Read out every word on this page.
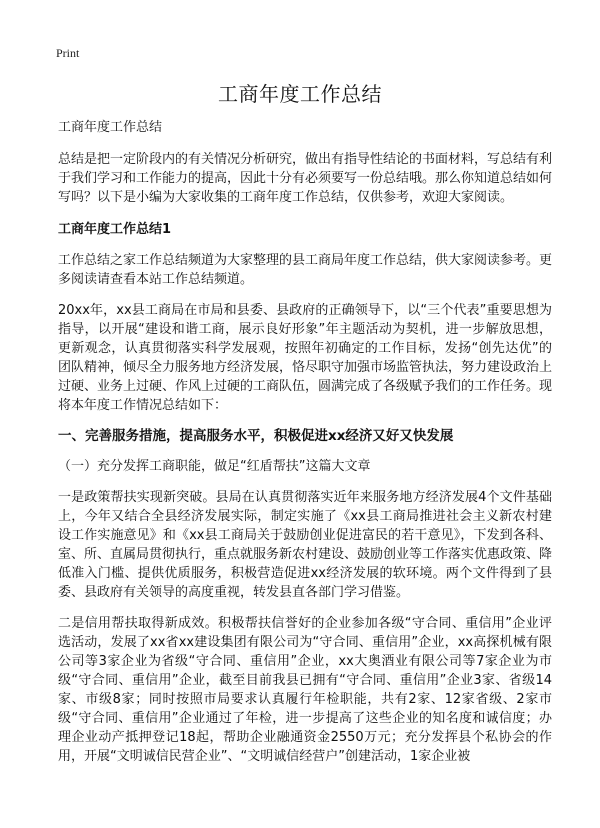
Print
工商年度工作总结

工商年度工作总结

总结是把一定阶段内的有关情况分析研究，做出有指导性结论的书面材料，写总结有利于我们学习和工作能力的提高，因此十分有必须要写一份总结哦。那么你知道总结如何写吗？以下是小编为大家收集的工商年度工作总结，仅供参考，欢迎大家阅读。

工商年度工作总结1

工作总结之家工作总结频道为大家整理的县工商局年度工作总结，供大家阅读参考。更多阅读请查看本站工作总结频道。

20xx年，xx县工商局在市局和县委、县政府的正确领导下，以“三个代表”重要思想为指导，以开展“建设和谐工商，展示良好形象”年主题活动为契机，进一步解放思想，更新观念，认真贯彻落实科学发展观，按照年初确定的工作目标，发扬“创先达优”的团队精神，倾尽全力服务地方经济发展，恪尽职守加强市场监管执法，努力建设政治上过硬、业务上过硬、作风上过硬的工商队伍，圆满完成了各级赋予我们的工作任务。现将本年度工作情况总结如下：

一、完善服务措施，提高服务水平，积极促进xx经济又好又快发展

（一）充分发挥工商职能，做足“红盾帮扶”这篇大文章

一是政策帮扶实现新突破。县局在认真贯彻落实近年来服务地方经济发展4个文件基础上，今年又结合全县经济发展实际，制定实施了《xx县工商局推进社会主义新农村建设工作实施意见》和《xx县工商局关于鼓励创业促进富民的若干意见》，下发到各科、室、所、直属局贯彻执行，重点就服务新农村建设、鼓励创业等工作落实优惠政策、降低准入门槛、提供优质服务，积极营造促进xx经济发展的软环境。两个文件得到了县委、县政府有关领导的高度重视，转发县直各部门学习借鉴。

二是信用帮扶取得新成效。积极帮扶信誉好的企业参加各级“守合同、重信用”企业评选活动，发展了xx省xx建设集团有限公司为“守合同、重信用”企业，xx高探机械有限公司等3家企业为省级“守合同、重信用”企业，xx大奥酒业有限公司等7家企业为市级“守合同、重信用”企业，截至目前我县已拥有“守合同、重信用”企业3家、省级14家、市级8家；同时按照市局要求认真履行年检职能，共有2家、12家省级、2家市级“守合同、重信用”企业通过了年检，进一步提高了这些企业的知名度和诚信度；办理企业动产抵押登记18起，帮助企业融通资金2550万元；充分发挥县个私协会的作用，开展“文明诚信民营企业”、“文明诚信经营户”创建活动，1家企业被
